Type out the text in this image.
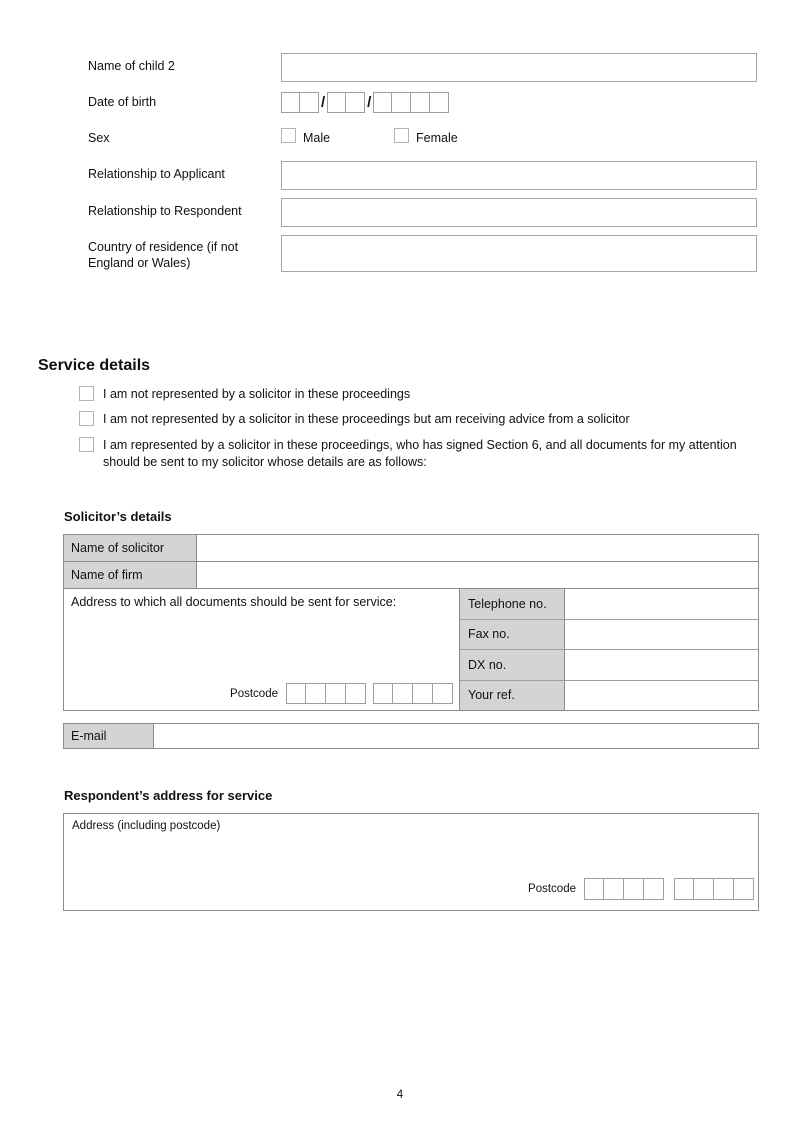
Name of child 2
Date of birth	/	/
Sex	Male	Female
Relationship to Applicant
Relationship to Respondent
Country of residence (if not England or Wales)
Service details
I am not represented by a solicitor in these proceedings
I am not represented by a solicitor in these proceedings but am receiving advice from a solicitor
I am represented by a solicitor in these proceedings, who has signed Section 6, and all documents for my attention should be sent to my solicitor whose details are as follows:
Solicitor’s details
Name of solicitor
Name of firm
Address to which all documents should be sent for service:
Postcode
Telephone no.
Fax no.
DX no.
Your ref.
E-mail
Respondent’s address for service
Address (including postcode)
Postcode
4
